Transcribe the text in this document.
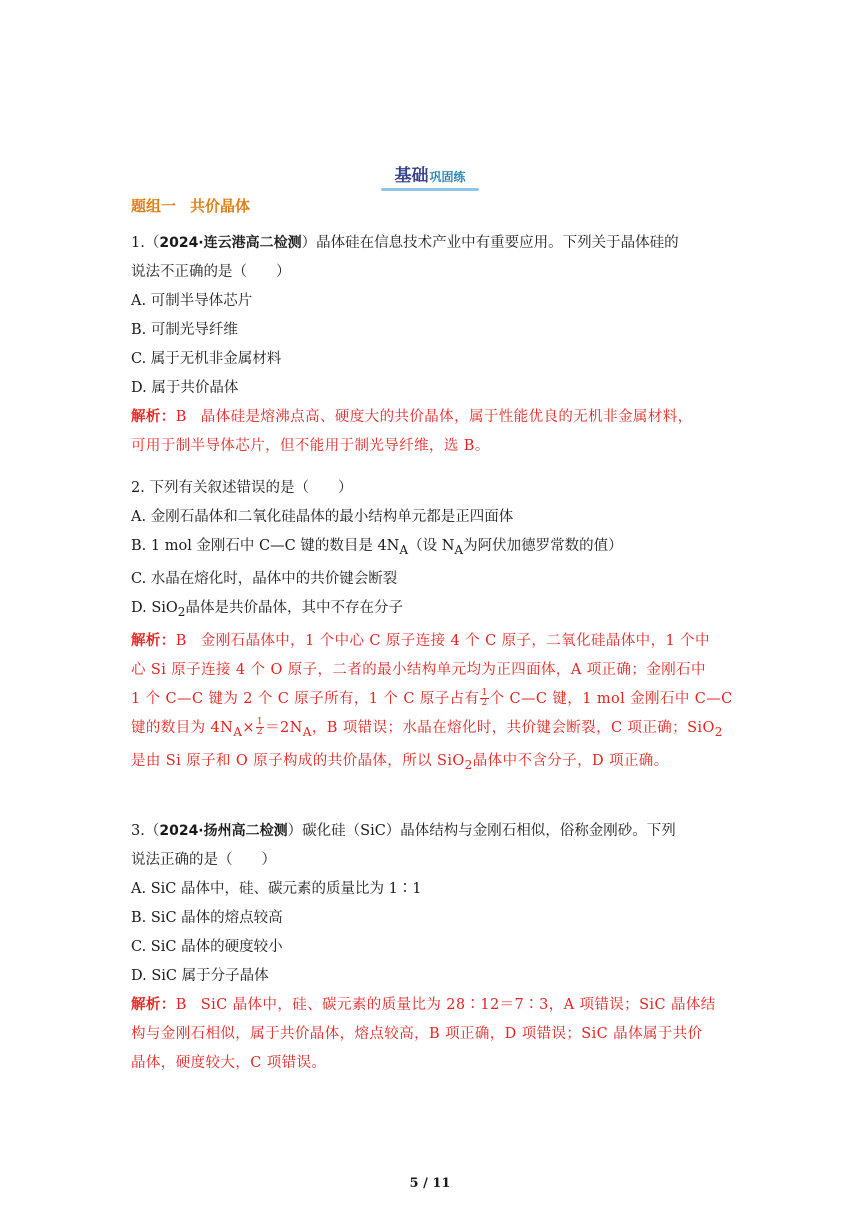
基础巩固练
题组一 共价晶体
1.（2024·连云港高二检测）晶体硅在信息技术产业中有重要应用。下列关于晶体硅的
说法不正确的是（　　）
A. 可制半导体芯片
B. 可制光导纤维
C. 属于无机非金属材料
D. 属于共价晶体
解析：B 晶体硅是熔沸点高、硬度大的共价晶体，属于性能优良的无机非金属材料，
可用于制半导体芯片，但不能用于制光导纤维，选 B。
2. 下列有关叙述错误的是（　　）
A. 金刚石晶体和二氧化硅晶体的最小结构单元都是正四面体
B. 1 mol 金刚石中 C—C 键的数目是 $4N_A$（设 $N_A$为阿伏加德罗常数的值）
C. 水晶在熔化时，晶体中的共价键会断裂
D. SiO$_2$晶体是共价晶体，其中不存在分子
解析：B 金刚石晶体中，1 个中心 C 原子连接 4 个 C 原子，二氧化硅晶体中，1 个中
心 Si 原子连接 4 个 O 原子，二者的最小结构单元均为正四面体，A 项正确；金刚石中
1 个 C—C 键为 2 个 C 原子所有，1 个 C 原子占有 $\frac{1}{2}$ 个 C—C 键，1 mol 金刚石中 C—C
键的数目为 $4N_A\times \frac{1}{2} =2N_A$，B 项错误；水晶在熔化时，共价键会断裂，C 项正确；SiO$_2$
是由 Si 原子和 O 原子构成的共价晶体，所以 SiO$_2$晶体中不含分子，D 项正确。
3.（2024·扬州高二检测）碳化硅（SiC）晶体结构与金刚石相似，俗称金刚砂。下列
说法正确的是（　　）
A. SiC 晶体中，硅、碳元素的质量比为 1∶1
B. SiC 晶体的熔点较高
C. SiC 晶体的硬度较小
D. SiC 属于分子晶体
解析：B SiC 晶体中，硅、碳元素的质量比为 28∶12＝7∶3，A 项错误；SiC 晶体结
构与金刚石相似，属于共价晶体，熔点较高，B 项正确，D 项错误；SiC 晶体属于共价
晶体，硬度较大，C 项错误。
5 / 11
